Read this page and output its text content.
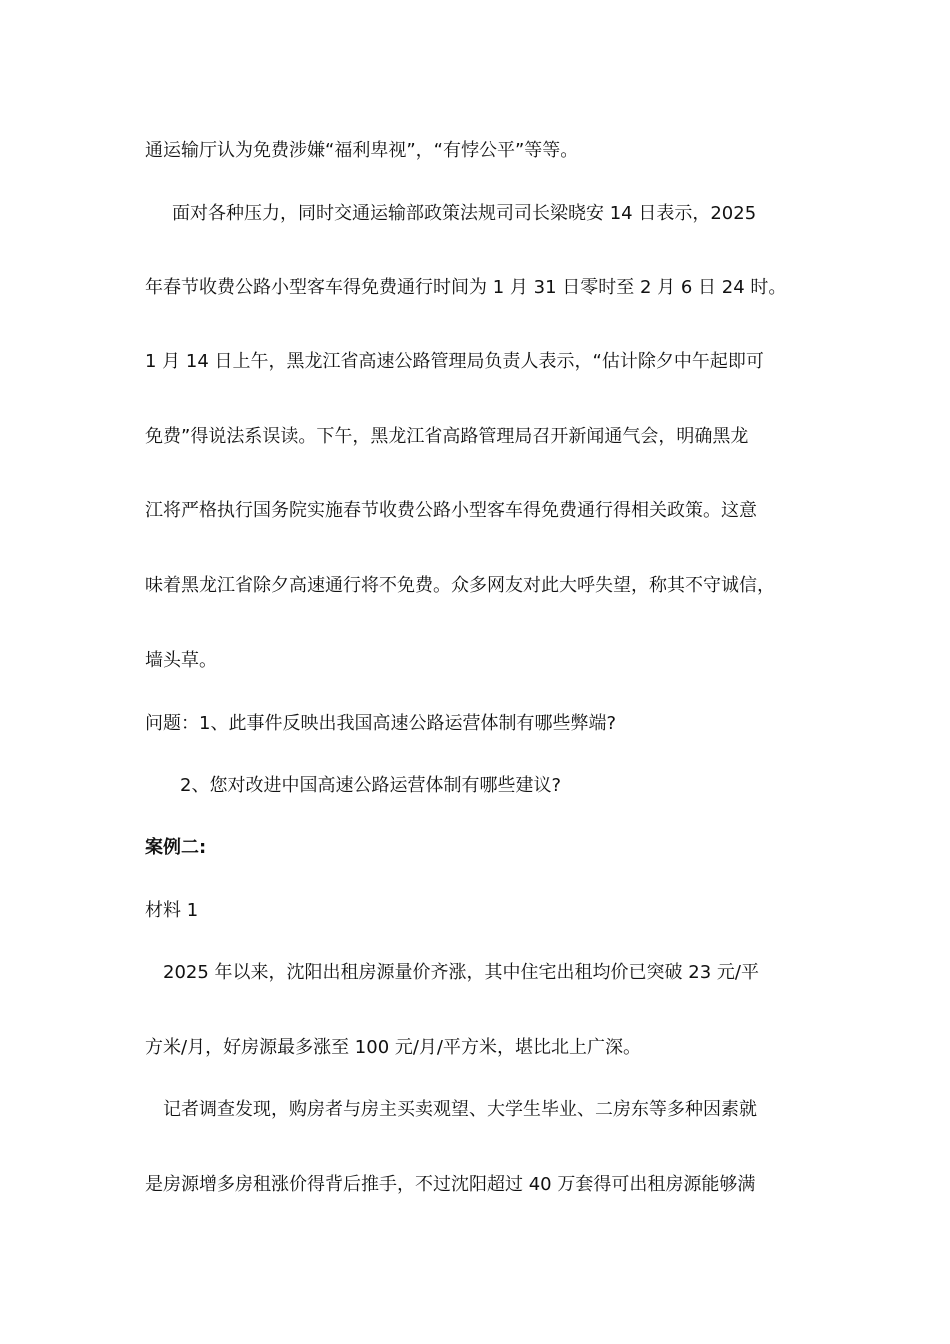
通运输厅认为免费涉嫌“福利卑视”，“有悖公平”等等。
面对各种压力，同时交通运输部政策法规司司长梁晓安 14 日表示，2025
年春节收费公路小型客车得免费通行时间为 1 月 31 日零时至 2 月 6 日 24 时。
1 月 14 日上午，黑龙江省高速公路管理局负责人表示，“估计除夕中午起即可
免费”得说法系误读。下午，黑龙江省高路管理局召开新闻通气会，明确黑龙
江将严格执行国务院实施春节收费公路小型客车得免费通行得相关政策。这意
味着黑龙江省除夕高速通行将不免费。众多网友对此大呼失望，称其不守诚信，
墙头草。
问题：1、此事件反映出我国高速公路运营体制有哪些弊端?
2、您对改进中国高速公路运营体制有哪些建议?
案例二:
材料 1
2025 年以来，沈阳出租房源量价齐涨，其中住宅出租均价已突破 23 元/平
方米/月，好房源最多涨至 100 元/月/平方米，堪比北上广深。
记者调查发现，购房者与房主买卖观望、大学生毕业、二房东等多种因素就
是房源增多房租涨价得背后推手，不过沈阳超过 40 万套得可出租房源能够满
